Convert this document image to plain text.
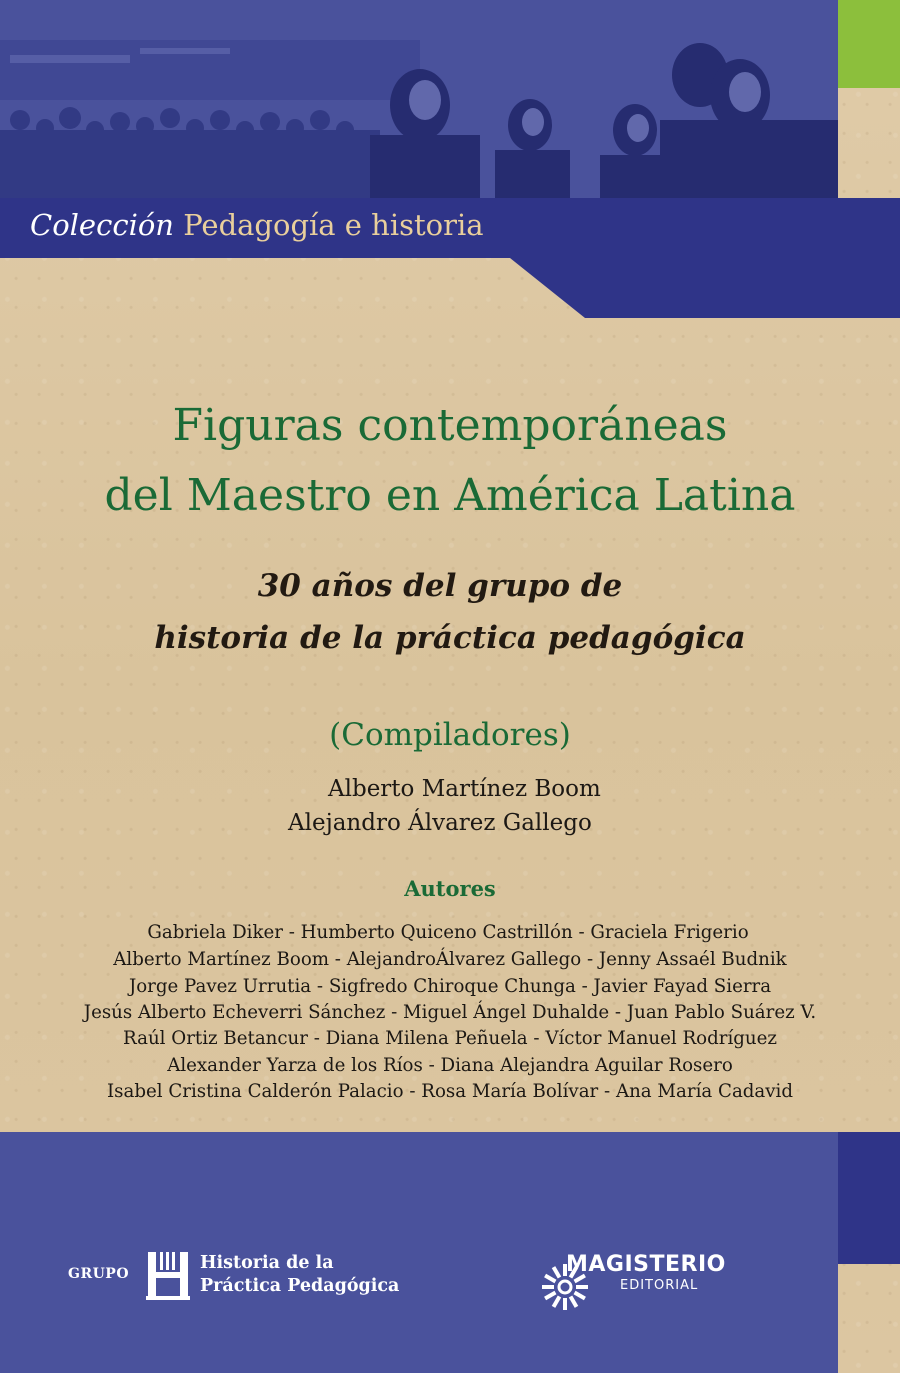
Colección Pedagogía e historia
Figuras contemporáneas
del Maestro en América Latina
30 años del grupo de
historia de la práctica pedagógica
(Compiladores)
Alberto Martínez Boom
Alejandro Álvarez Gallego
Autores
Gabriela Diker - Humberto Quiceno Castrillón - Graciela Frigerio
Alberto Martínez Boom - AlejandroÁlvarez Gallego - Jenny Assaél Budnik
Jorge Pavez Urrutia - Sigfredo Chiroque Chunga - Javier Fayad Sierra
Jesús Alberto Echeverri Sánchez - Miguel Ángel Duhalde - Juan Pablo Suárez V.
Raúl Ortiz Betancur - Diana Milena Peñuela - Víctor Manuel Rodríguez
Alexander Yarza de los Ríos - Diana Alejandra Aguilar Rosero
Isabel Cristina Calderón Palacio - Rosa María Bolívar - Ana María Cadavid
GRUPO
Historia de la
Práctica Pedagógica
MAGISTERIO
EDITORIAL
